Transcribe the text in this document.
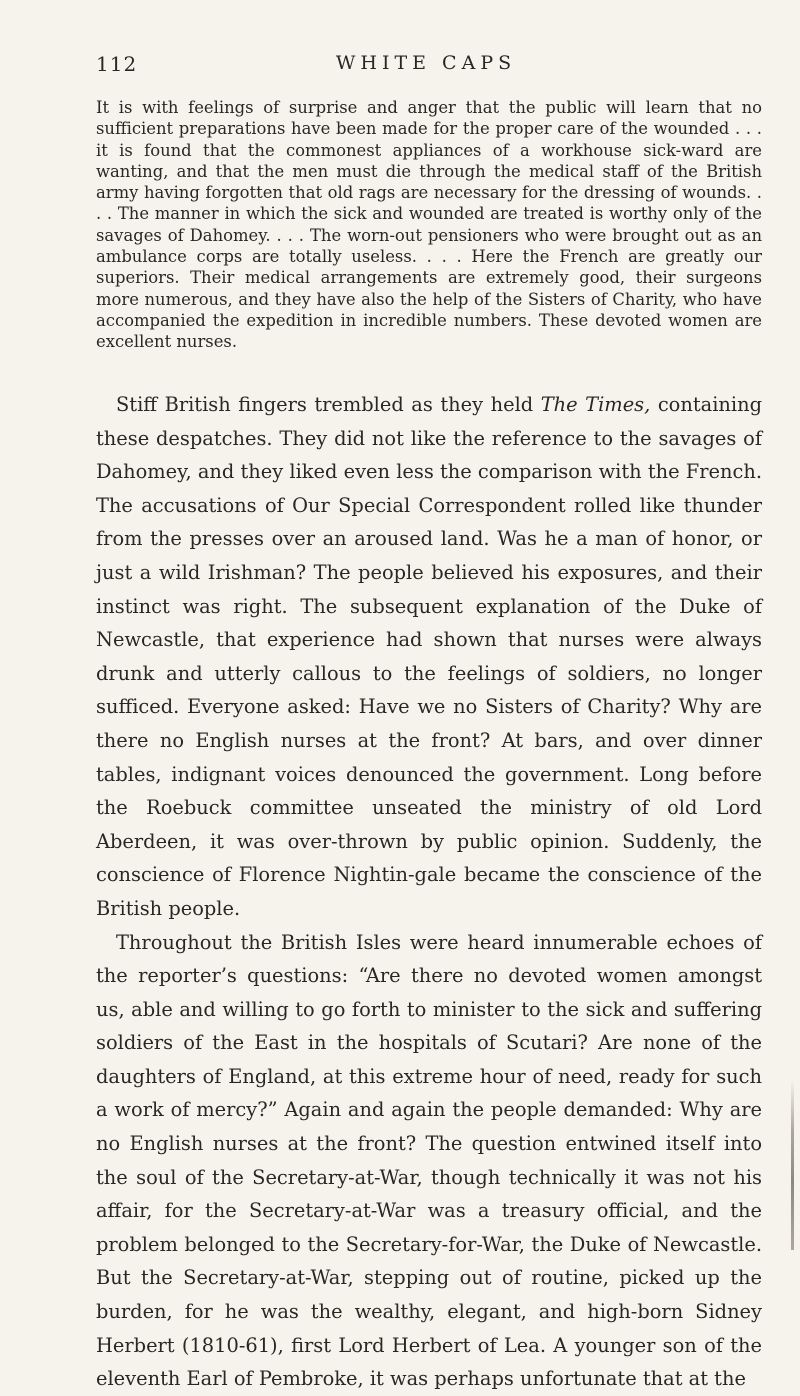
112	WHITE CAPS

It is with feelings of surprise and anger that the public will learn that no sufficient preparations have been made for the proper care of the wounded . . . it is found that the commonest appliances of a workhouse sick-ward are wanting, and that the men must die through the medical staff of the British army having forgotten that old rags are necessary for the dressing of wounds. . . . The manner in which the sick and wounded are treated is worthy only of the savages of Dahomey. . . . The worn-out pensioners who were brought out as an ambulance corps are totally useless. . . . Here the French are greatly our superiors. Their medical arrangements are extremely good, their surgeons more numerous, and they have also the help of the Sisters of Charity, who have accompanied the expedition in incredible numbers. These devoted women are excellent nurses.

Stiff British fingers trembled as they held The Times, containing these despatches. They did not like the reference to the savages of Dahomey, and they liked even less the comparison with the French. The accusations of Our Special Correspondent rolled like thunder from the presses over an aroused land. Was he a man of honor, or just a wild Irishman? The people believed his exposures, and their instinct was right. The subsequent explanation of the Duke of Newcastle, that experience had shown that nurses were always drunk and utterly callous to the feelings of soldiers, no longer sufficed. Everyone asked: Have we no Sisters of Charity? Why are there no English nurses at the front? At bars, and over dinner tables, indignant voices denounced the government. Long before the Roebuck committee unseated the ministry of old Lord Aberdeen, it was over-thrown by public opinion. Suddenly, the conscience of Florence Nightin-gale became the conscience of the British people.

Throughout the British Isles were heard innumerable echoes of the reporter’s questions: “Are there no devoted women amongst us, able and willing to go forth to minister to the sick and suffering soldiers of the East in the hospitals of Scutari? Are none of the daughters of England, at this extreme hour of need, ready for such a work of mercy?” Again and again the people demanded: Why are no English nurses at the front? The question entwined itself into the soul of the Secretary-at-War, though technically it was not his affair, for the Secretary-at-War was a treasury official, and the problem belonged to the Secretary-for-War, the Duke of Newcastle. But the Secretary-at-War, stepping out of routine, picked up the burden, for he was the wealthy, elegant, and high-born Sidney Herbert (1810-61), first Lord Herbert of Lea. A younger son of the eleventh Earl of Pembroke, it was perhaps unfortunate that at the
